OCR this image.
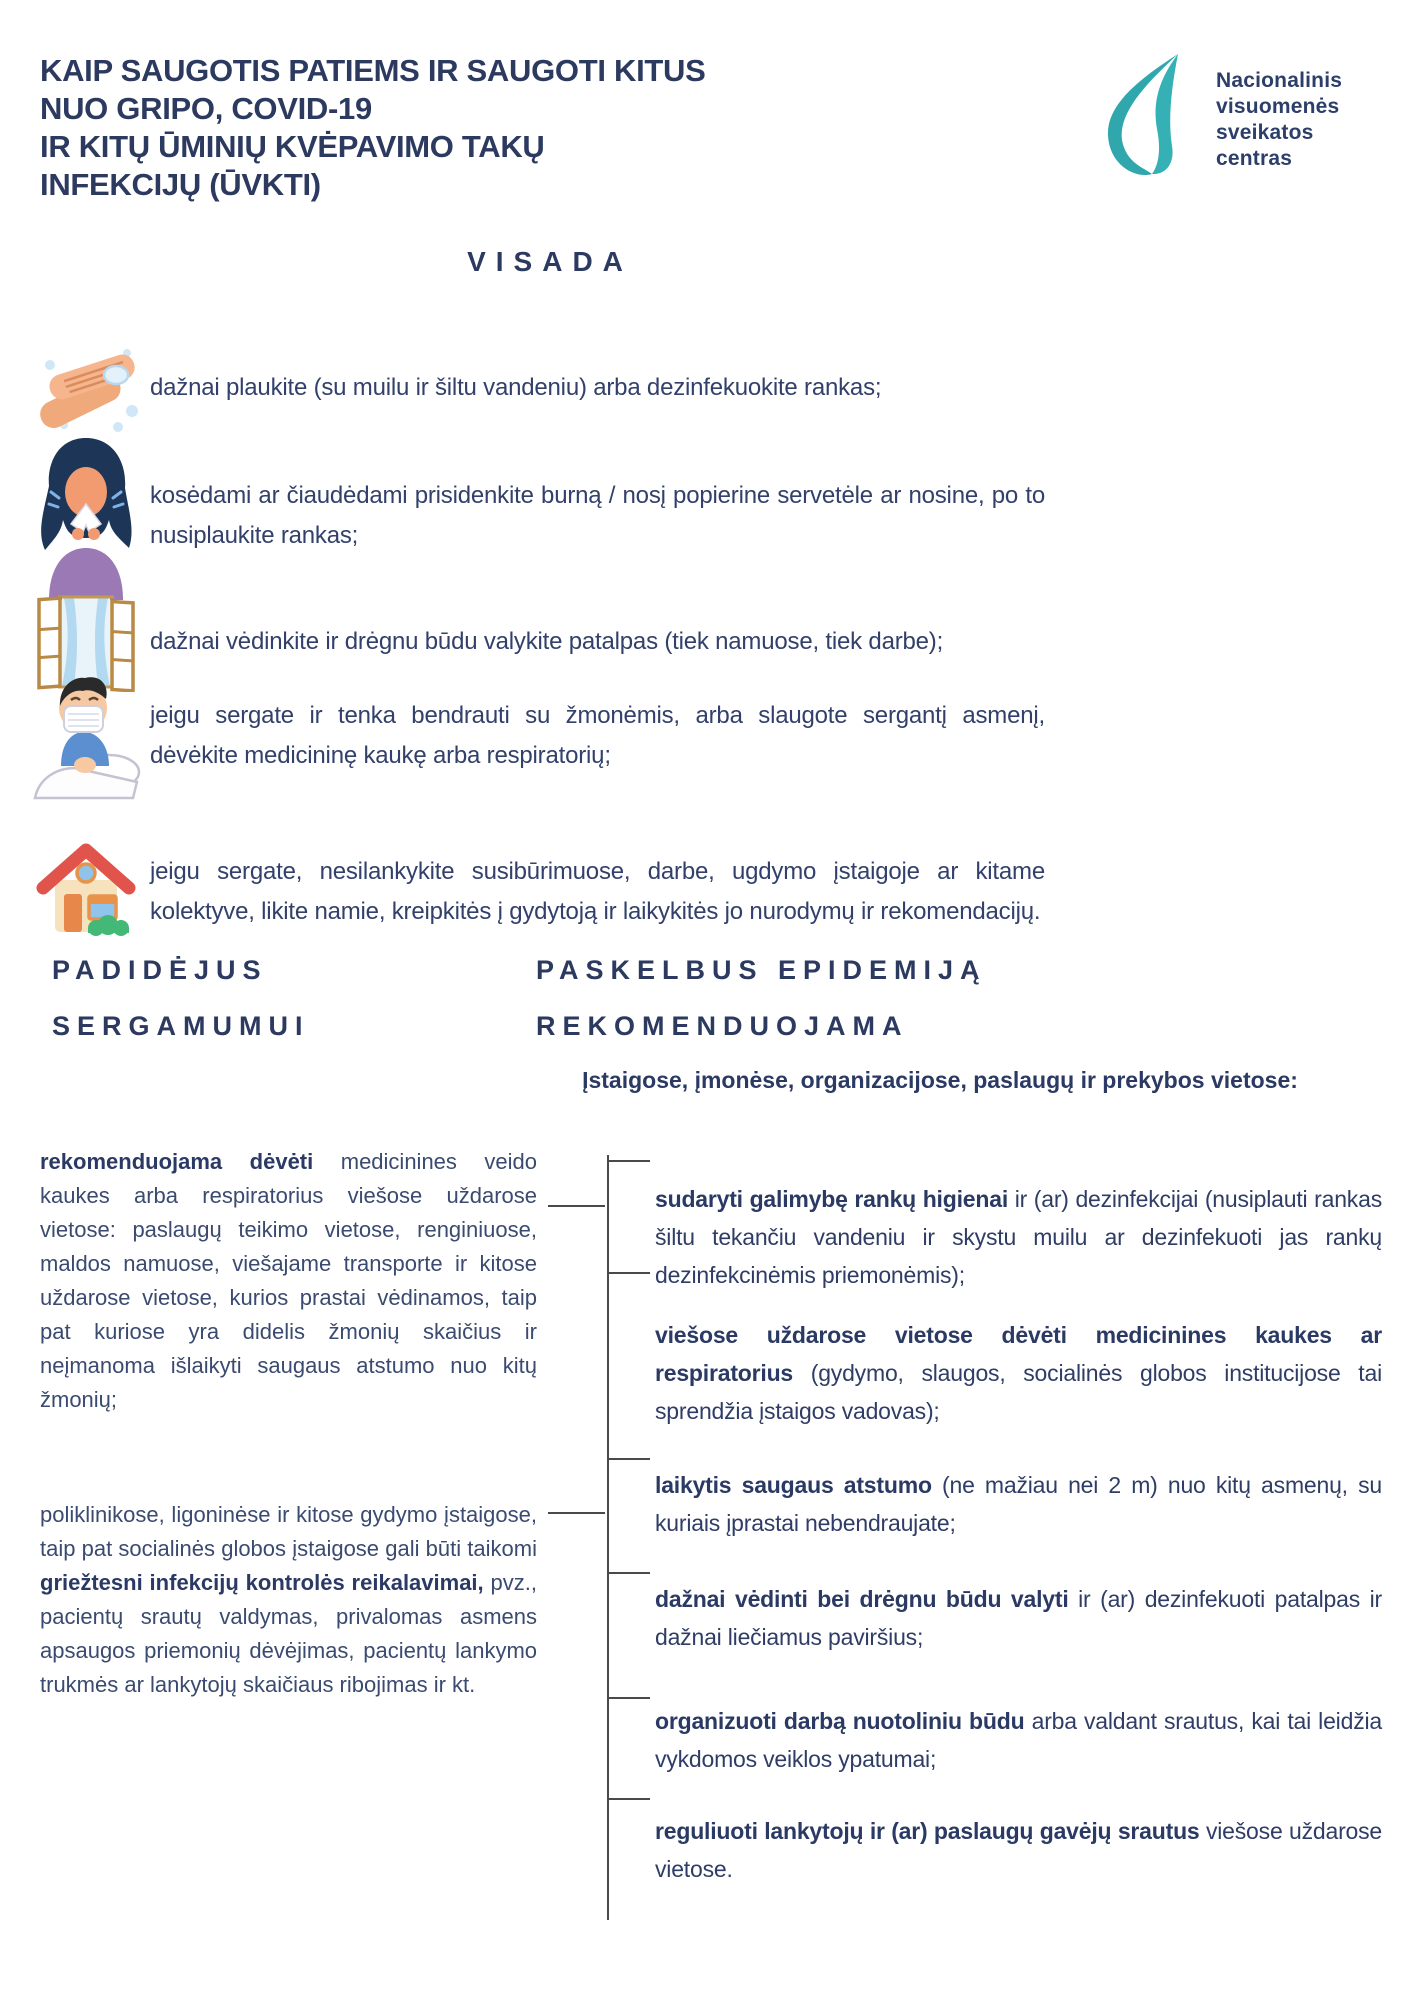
KAIP SAUGOTIS PATIEMS IR SAUGOTI KITUS
NUO GRIPO, COVID-19
IR KITŲ ŪMINIŲ KVĖPAVIMO TAKŲ
INFEKCIJŲ (ŪVKTI)
Nacionalinis
visuomenės
sveikatos
centras
VISADA

dažnai plaukite (su muilu ir šiltu vandeniu) arba dezinfekuokite rankas;

kosėdami ar čiaudėdami prisidenkite burną / nosį popierine servetėle ar nosine, po to nusiplaukite rankas;

dažnai vėdinkite ir drėgnu būdu valykite patalpas (tiek namuose, tiek darbe);

jeigu sergate ir tenka bendrauti su žmonėmis, arba slaugote sergantį asmenį, dėvėkite medicininę kaukę arba respiratorių;

jeigu sergate, nesilankykite susibūrimuose, darbe, ugdymo įstaigoje ar kitame kolektyve, likite namie, kreipkitės į gydytoją ir laikykitės jo nurodymų ir rekomendacijų.

PADIDĖJUS
SERGAMUMUI
PASKELBUS EPIDEMIJĄ
REKOMENDUOJAMA
Įstaigose, įmonėse, organizacijose, paslaugų ir prekybos vietose:

rekomenduojama dėvėti medicinines veido kaukes arba respiratorius viešose uždarose vietose: paslaugų teikimo vietose, renginiuose, maldos namuose, viešajame transporte ir kitose uždarose vietose, kurios prastai vėdinamos, taip pat kuriose yra didelis žmonių skaičius ir neįmanoma išlaikyti saugaus atstumo nuo kitų žmonių;

poliklinikose, ligoninėse ir kitose gydymo įstaigose, taip pat socialinės globos įstaigose gali būti taikomi griežtesni infekcijų kontrolės reikalavimai, pvz., pacientų srautų valdymas, privalomas asmens apsaugos priemonių dėvėjimas, pacientų lankymo trukmės ar lankytojų skaičiaus ribojimas ir kt.

sudaryti galimybę rankų higienai ir (ar) dezinfekcijai (nusiplauti rankas šiltu tekančiu vandeniu ir skystu muilu ar dezinfekuoti jas rankų dezinfekcinėmis priemonėmis);

viešose uždarose vietose dėvėti medicinines kaukes ar respiratorius (gydymo, slaugos, socialinės globos institucijose tai sprendžia įstaigos vadovas);

laikytis saugaus atstumo (ne mažiau nei 2 m) nuo kitų asmenų, su kuriais įprastai nebendraujate;

dažnai vėdinti bei drėgnu būdu valyti ir (ar) dezinfekuoti patalpas ir dažnai liečiamus paviršius;

organizuoti darbą nuotoliniu būdu arba valdant srautus, kai tai leidžia vykdomos veiklos ypatumai;

reguliuoti lankytojų ir (ar) paslaugų gavėjų srautus viešose uždarose vietose.
